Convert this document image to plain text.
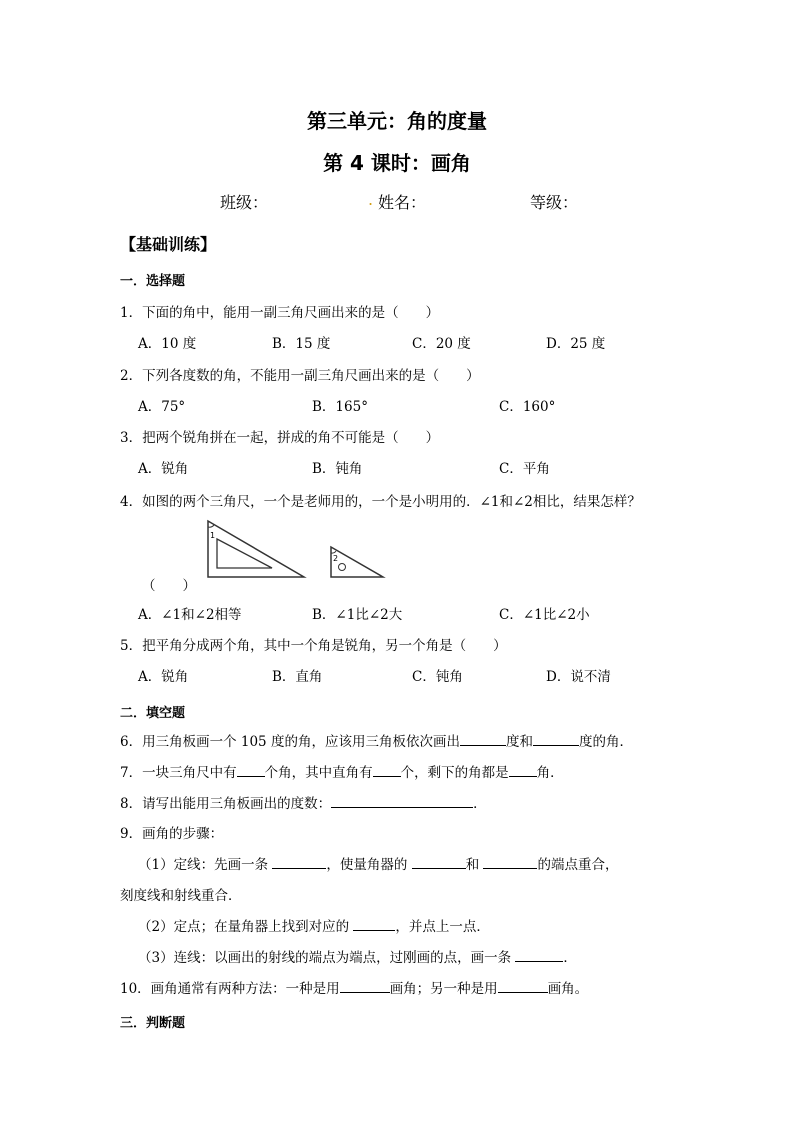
第三单元：角的度量
第 4 课时：画角
班级：	. 姓名：	等级：
【基础训练】
一．选择题
1．下面的角中，能用一副三角尺画出来的是（　　）
A．10 度	B．15 度	C．20 度	D．25 度
2．下列各度数的角，不能用一副三角尺画出来的是（　　）
A．75°	B．165°	C．160°
3．把两个锐角拼在一起，拼成的角不可能是（　　）
A．锐角	B．钝角	C．平角
4．如图的两个三角尺，一个是老师用的，一个是小明用的．∠1和∠2相比，结果怎样？
1
2
（　　）
A．∠1和∠2相等	B．∠1比∠2大	C．∠1比∠2小
5．把平角分成两个角，其中一个角是锐角，另一个角是（　　）
A．锐角	B．直角	C．钝角	D．说不清
二．填空题
6．用三角板画一个 105 度的角，应该用三角板依次画出	度和	度的角．
7．一块三角尺中有 个角，其中直角有 个，剩下的角都是 角．
8．请写出能用三角板画出的度数：	．
9．画角的步骤：
（1）定线：先画一条	，使量角器的	和	的端点重合，
刻度线和射线重合．
（2）定点；在量角器上找到对应的	，并点上一点．
（3）连线：以画出的射线的端点为端点，过刚画的点，画一条	．
10．画角通常有两种方法：一种是用	画角；另一种是用	画角。
三．判断题
